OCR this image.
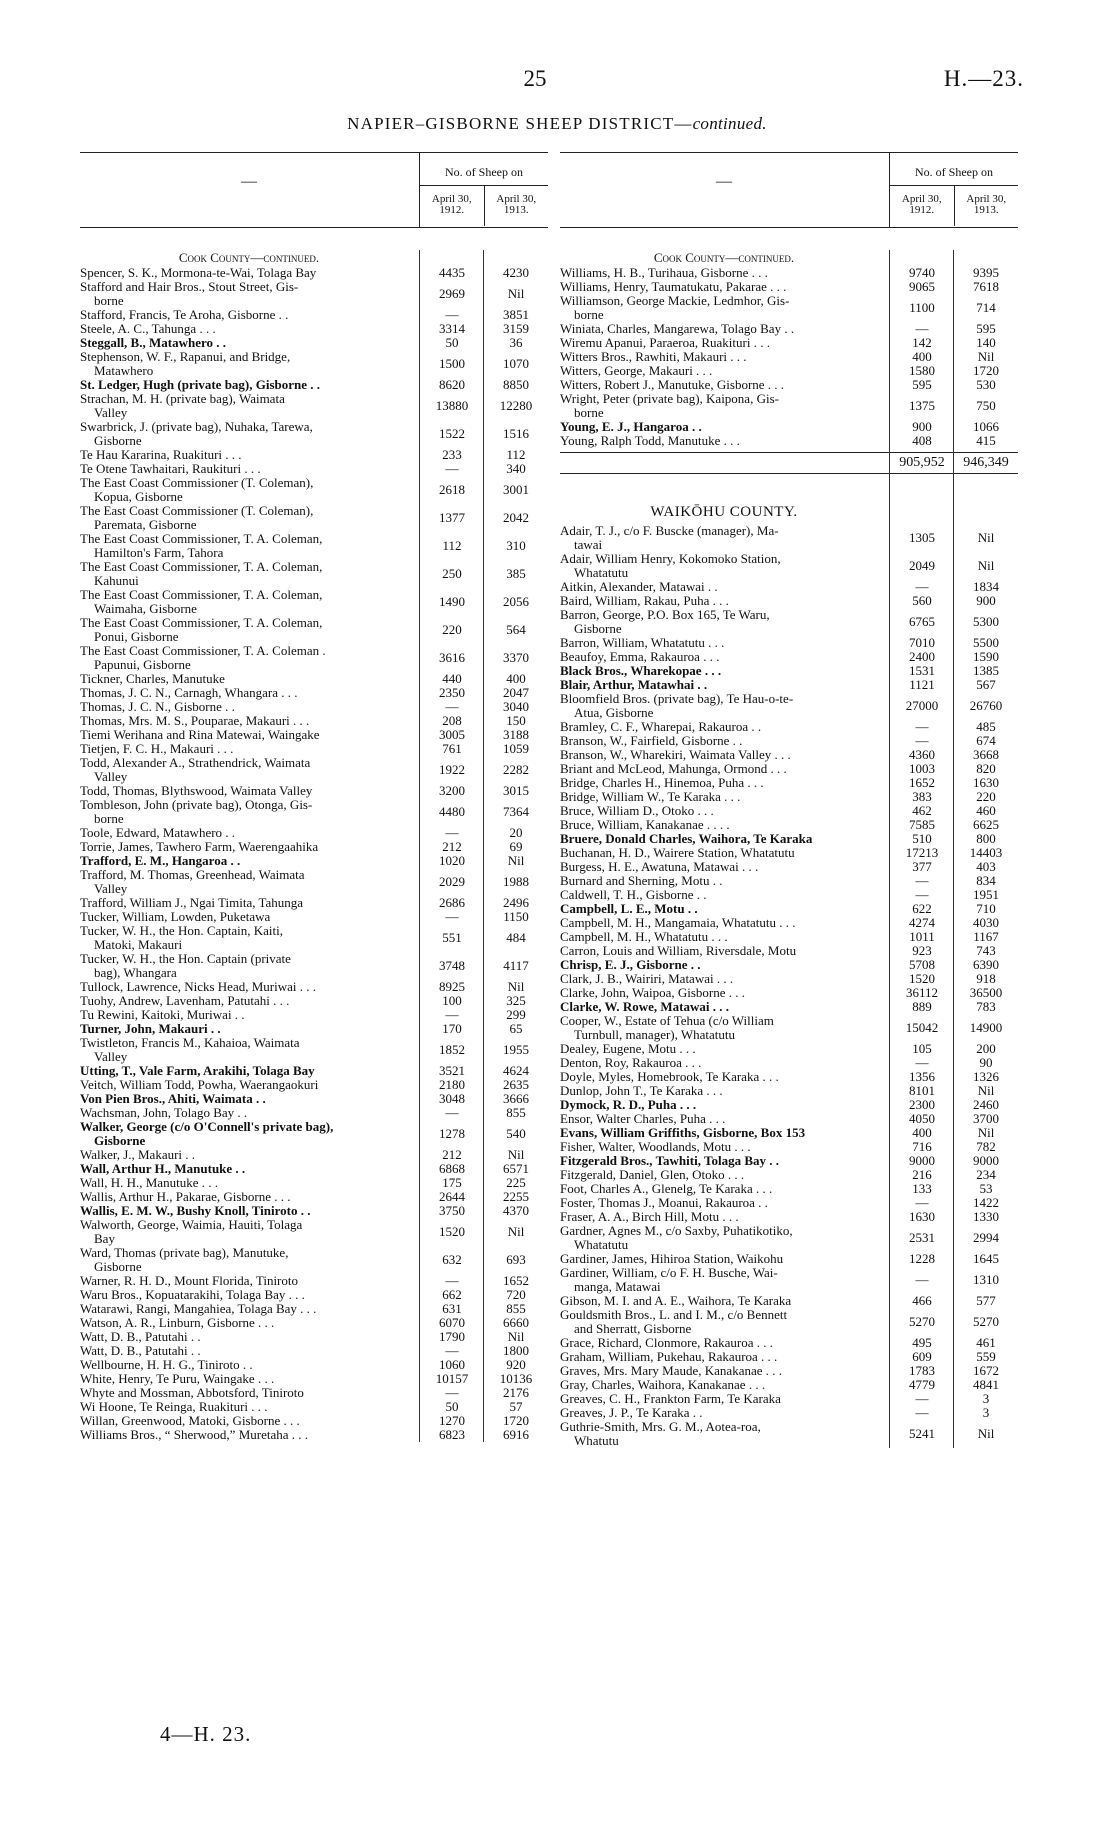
25	H.—23.
NAPIER–GISBORNE SHEEP DISTRICT—continued.
—
No. of Sheep on
April 30, 1912.
April 30, 1913.
Cook County—continued.
Spencer, S. K., Mormona-te-Wai, Tolaga Bay	4435	4230
Stafford and Hair Bros., Stout Street, Gis-
borne	2969	Nil
Stafford, Francis, Te Aroha, Gisborne . .	—	3851
Steele, A. C., Tahunga . . .	3314	3159
Steggall, B., Matawhero . .	50	36
Stephenson, W. F., Rapanui, and Bridge,
Matawhero	1500	1070
St. Ledger, Hugh (private bag), Gisborne . .	8620	8850
Strachan, M. H. (private bag), Waimata
Valley	13880	12280
Swarbrick, J. (private bag), Nuhaka, Tarewa,
Gisborne	1522	1516
Te Hau Kararina, Ruakituri . . .	233	112
Te Otene Tawhaitari, Raukituri . . .	—	340
The East Coast Commissioner (T. Coleman),
Kopua, Gisborne	2618	3001
The East Coast Commissioner (T. Coleman),
Paremata, Gisborne	1377	2042
The East Coast Commissioner, T. A. Coleman,
Hamilton's Farm, Tahora	112	310
The East Coast Commissioner, T. A. Coleman,
Kahunui	250	385
The East Coast Commissioner, T. A. Coleman,
Waimaha, Gisborne	1490	2056
The East Coast Commissioner, T. A. Coleman,
Ponui, Gisborne	220	564
The East Coast Commissioner, T. A. Coleman .
Papunui, Gisborne	3616	3370
Tickner, Charles, Manutuke	440	400
Thomas, J. C. N., Carnagh, Whangara . . .	2350	2047
Thomas, J. C. N., Gisborne . .	—	3040
Thomas, Mrs. M. S., Pouparae, Makauri . . .	208	150
Tiemi Werihana and Rina Matewai, Waingake	3005	3188
Tietjen, F. C. H., Makauri . . .	761	1059
Todd, Alexander A., Strathendrick, Waimata
Valley	1922	2282
Todd, Thomas, Blythswood, Waimata Valley	3200	3015
Tombleson, John (private bag), Otonga, Gis-
borne	4480	7364
Toole, Edward, Matawhero . .	—	20
Torrie, James, Tawhero Farm, Waerengaahika	212	69
Trafford, E. M., Hangaroa . .	1020	Nil
Trafford, M. Thomas, Greenhead, Waimata
Valley	2029	1988
Trafford, William J., Ngai Timita, Tahunga	2686	2496
Tucker, William, Lowden, Puketawa	—	1150
Tucker, W. H., the Hon. Captain, Kaiti,
Matoki, Makauri	551	484
Tucker, W. H., the Hon. Captain (private
bag), Whangara	3748	4117
Tullock, Lawrence, Nicks Head, Muriwai . . .	8925	Nil
Tuohy, Andrew, Lavenham, Patutahi . . .	100	325
Tu Rewini, Kaitoki, Muriwai . .	—	299
Turner, John, Makauri . .	170	65
Twistleton, Francis M., Kahaioa, Waimata
Valley	1852	1955
Utting, T., Vale Farm, Arakihi, Tolaga Bay	3521	4624
Veitch, William Todd, Powha, Waerangaokuri	2180	2635
Von Pien Bros., Ahiti, Waimata . .	3048	3666
Wachsman, John, Tolago Bay . .	—	855
Walker, George (c/o O'Connell's private bag),
Gisborne	1278	540
Walker, J., Makauri . .	212	Nil
Wall, Arthur H., Manutuke . .	6868	6571
Wall, H. H., Manutuke . . .	175	225
Wallis, Arthur H., Pakarae, Gisborne . . .	2644	2255
Wallis, E. M. W., Bushy Knoll, Tiniroto . .	3750	4370
Walworth, George, Waimia, Hauiti, Tolaga
Bay	1520	Nil
Ward, Thomas (private bag), Manutuke,
Gisborne	632	693
Warner, R. H. D., Mount Florida, Tiniroto	—	1652
Waru Bros., Kopuatarakihi, Tolaga Bay . . .	662	720
Watarawi, Rangi, Mangahiea, Tolaga Bay . . .	631	855
Watson, A. R., Linburn, Gisborne . . .	6070	6660
Watt, D. B., Patutahi . .	1790	Nil
Watt, D. B., Patutahi . .	—	1800
Wellbourne, H. H. G., Tiniroto . .	1060	920
White, Henry, Te Puru, Waingake . . .	10157	10136
Whyte and Mossman, Abbotsford, Tiniroto	—	2176
Wi Hoone, Te Reinga, Ruakituri . . .	50	57
Willan, Greenwood, Matoki, Gisborne . . .	1270	1720
Williams Bros., “ Sherwood,” Muretaha . . .	6823	6916
—
No. of Sheep on
April 30, 1912.
April 30, 1913.
Cook County—continued.
Williams, H. B., Turihaua, Gisborne . . .	9740	9395
Williams, Henry, Taumatukatu, Pakarae . . .	9065	7618
Williamson, George Mackie, Ledmhor, Gis-
borne	1100	714
Winiata, Charles, Mangarewa, Tolago Bay . .	—	595
Wiremu Apanui, Paraeroa, Ruakituri . . .	142	140
Witters Bros., Rawhiti, Makauri . . .	400	Nil
Witters, George, Makauri . . .	1580	1720
Witters, Robert J., Manutuke, Gisborne . . .	595	530
Wright, Peter (private bag), Kaipona, Gis-
borne	1375	750
Young, E. J., Hangaroa . .	900	1066
Young, Ralph Todd, Manutuke . . .	408	415
905,952	946,349
WAIKŌHU COUNTY.
Adair, T. J., c/o F. Buscke (manager), Ma-
tawai	1305	Nil
Adair, William Henry, Kokomoko Station,
Whatatutu	2049	Nil
Aitkin, Alexander, Matawai . .	—	1834
Baird, William, Rakau, Puha . . .	560	900
Barron, George, P.O. Box 165, Te Waru,
Gisborne	6765	5300
Barron, William, Whatatutu . . .	7010	5500
Beaufoy, Emma, Rakauroa . . .	2400	1590
Black Bros., Wharekopae . . .	1531	1385
Blair, Arthur, Matawhai . .	1121	567
Bloomfield Bros. (private bag), Te Hau-o-te-
Atua, Gisborne	27000	26760
Bramley, C. F., Wharepai, Rakauroa . .	—	485
Branson, W., Fairfield, Gisborne . .	—	674
Branson, W., Wharekiri, Waimata Valley . . .	4360	3668
Briant and McLeod, Mahunga, Ormond . . .	1003	820
Bridge, Charles H., Hinemoa, Puha . . .	1652	1630
Bridge, William W., Te Karaka . . .	383	220
Bruce, William D., Otoko . . .	462	460
Bruce, William, Kanakanae . . . .	7585	6625
Bruere, Donald Charles, Waihora, Te Karaka	510	800
Buchanan, H. D., Wairere Station, Whatatutu	17213	14403
Burgess, H. E., Awatuna, Matawai . . .	377	403
Burnard and Sherning, Motu . .	—	834
Caldwell, T. H., Gisborne . .	—	1951
Campbell, L. E., Motu . .	622	710
Campbell, M. H., Mangamaia, Whatatutu . . .	4274	4030
Campbell, M. H., Whatatutu . . .	1011	1167
Carron, Louis and William, Riversdale, Motu	923	743
Chrisp, E. J., Gisborne . .	5708	6390
Clark, J. B., Wairiri, Matawai . . .	1520	918
Clarke, John, Waipoa, Gisborne . . .	36112	36500
Clarke, W. Rowe, Matawai . . .	889	783
Cooper, W., Estate of Tehua (c/o William
Turnbull, manager), Whatatutu	15042	14900
Dealey, Eugene, Motu . . .	105	200
Denton, Roy, Rakauroa . . .	—	90
Doyle, Myles, Homebrook, Te Karaka . . .	1356	1326
Dunlop, John T., Te Karaka . . .	8101	Nil
Dymock, R. D., Puha . . .	2300	2460
Ensor, Walter Charles, Puha . . .	4050	3700
Evans, William Griffiths, Gisborne, Box 153	400	Nil
Fisher, Walter, Woodlands, Motu . . .	716	782
Fitzgerald Bros., Tawhiti, Tolaga Bay . .	9000	9000
Fitzgerald, Daniel, Glen, Otoko . . .	216	234
Foot, Charles A., Glenelg, Te Karaka . . .	133	53
Foster, Thomas J., Moanui, Rakauroa . .	—	1422
Fraser, A. A., Birch Hill, Motu . . .	1630	1330
Gardner, Agnes M., c/o Saxby, Puhatikotiko,
Whatatutu	2531	2994
Gardiner, James, Hihiroa Station, Waikohu	1228	1645
Gardiner, William, c/o F. H. Busche, Wai-
manga, Matawai	—	1310
Gibson, M. I. and A. E., Waihora, Te Karaka	466	577
Gouldsmith Bros., L. and I. M., c/o Bennett
and Sherratt, Gisborne	5270	5270
Grace, Richard, Clonmore, Rakauroa . . .	495	461
Graham, William, Pukehau, Rakauroa . . .	609	559
Graves, Mrs. Mary Maude, Kanakanae . . .	1783	1672
Gray, Charles, Waihora, Kanakanae . . .	4779	4841
Greaves, C. H., Frankton Farm, Te Karaka	—	3
Greaves, J. P., Te Karaka . .	—	3
Guthrie-Smith, Mrs. G. M., Aotea-roa,
Whatutu	5241	Nil
4—H. 23.
